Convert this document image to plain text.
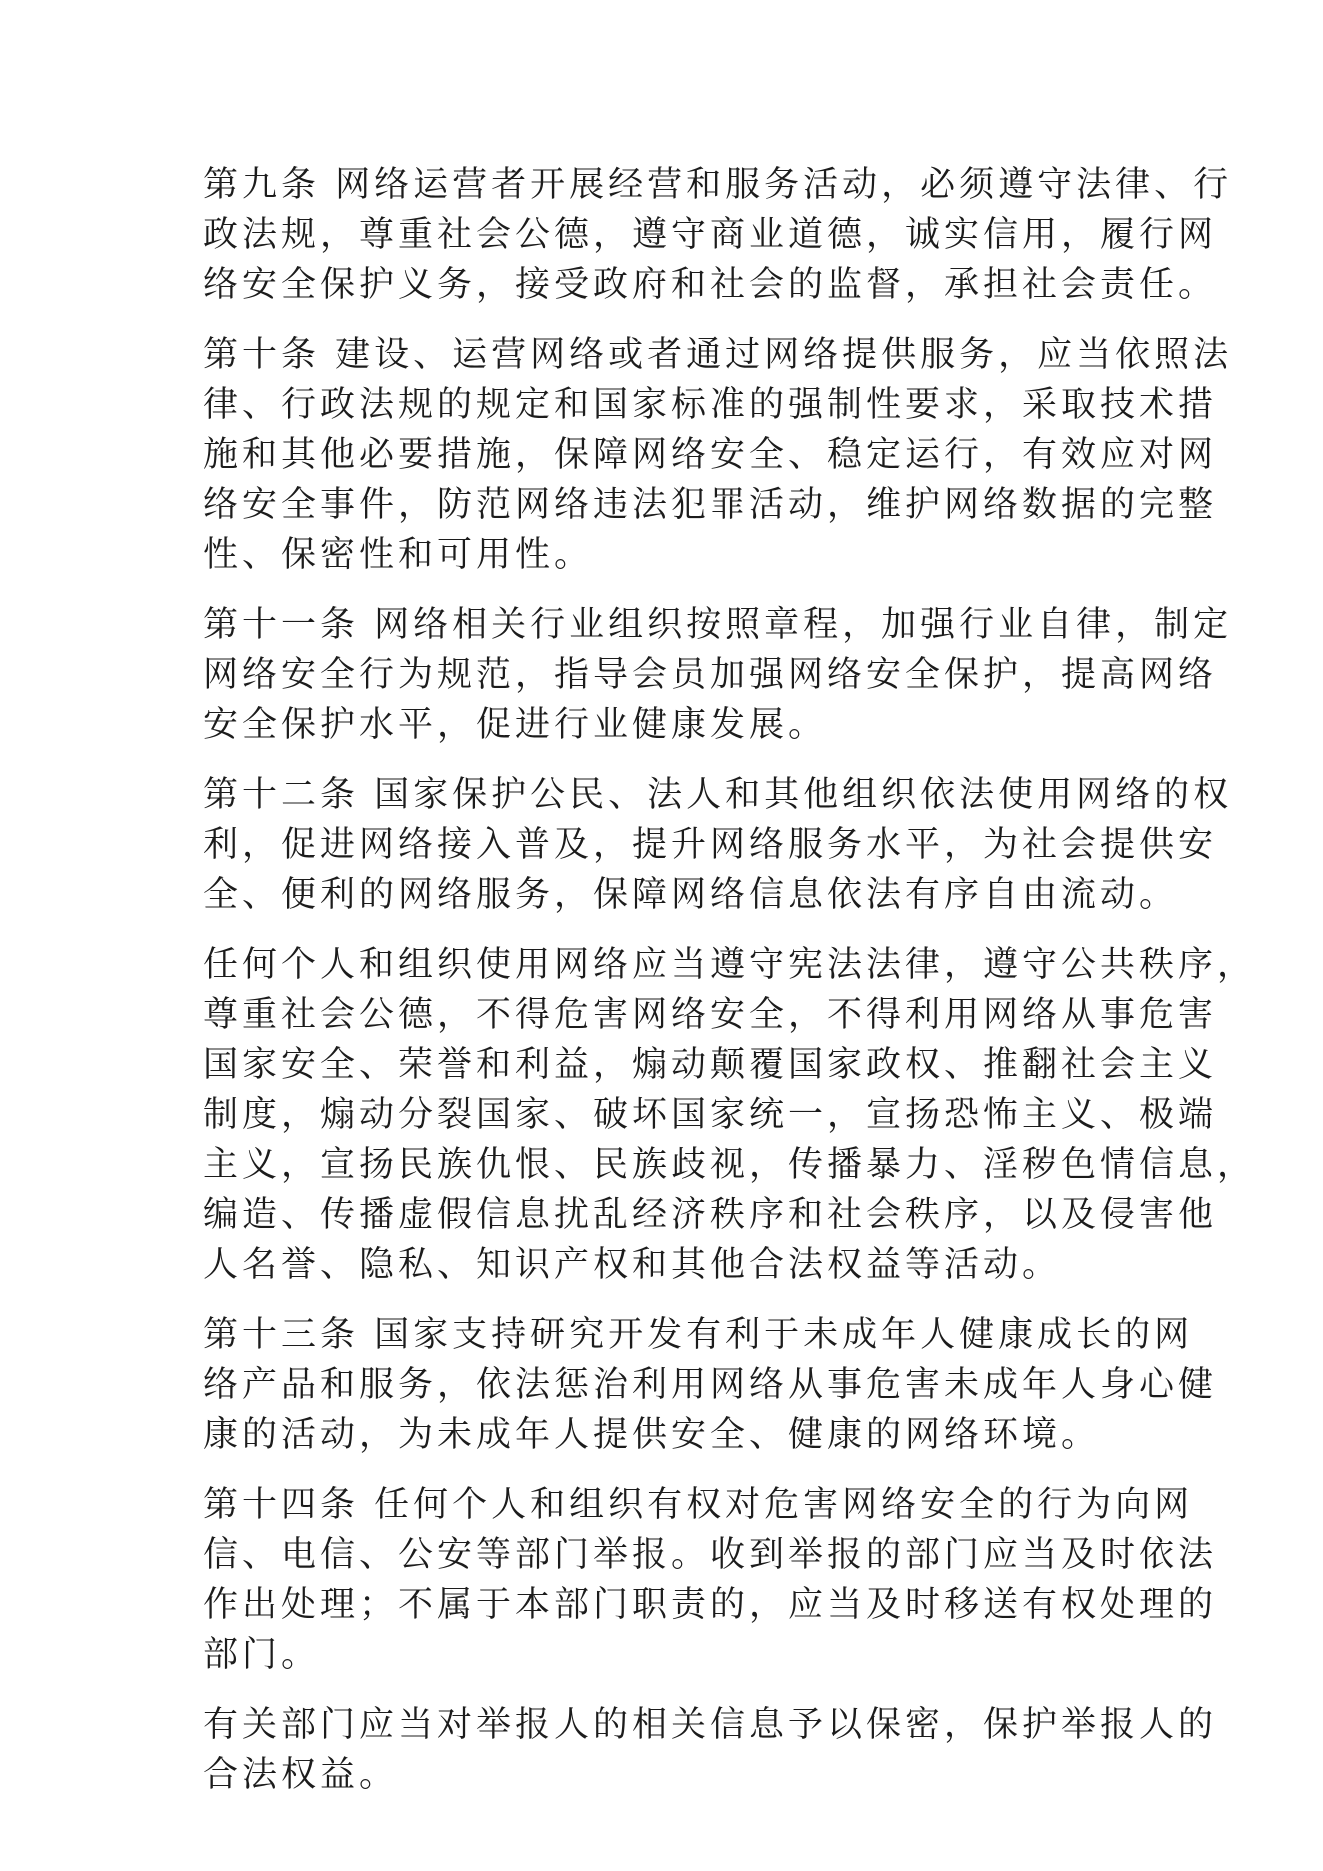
第九条 网络运营者开展经营和服务活动，必须遵守法律、行
政法规，尊重社会公德，遵守商业道德，诚实信用，履行网
络安全保护义务，接受政府和社会的监督，承担社会责任。

第十条 建设、运营网络或者通过网络提供服务，应当依照法
律、行政法规的规定和国家标准的强制性要求，采取技术措
施和其他必要措施，保障网络安全、稳定运行，有效应对网
络安全事件，防范网络违法犯罪活动，维护网络数据的完整
性、保密性和可用性。

第十一条 网络相关行业组织按照章程，加强行业自律，制定
网络安全行为规范，指导会员加强网络安全保护，提高网络
安全保护水平，促进行业健康发展。

第十二条 国家保护公民、法人和其他组织依法使用网络的权
利，促进网络接入普及，提升网络服务水平，为社会提供安
全、便利的网络服务，保障网络信息依法有序自由流动。

任何个人和组织使用网络应当遵守宪法法律，遵守公共秩序，
尊重社会公德，不得危害网络安全，不得利用网络从事危害
国家安全、荣誉和利益，煽动颠覆国家政权、推翻社会主义
制度，煽动分裂国家、破坏国家统一，宣扬恐怖主义、极端
主义，宣扬民族仇恨、民族歧视，传播暴力、淫秽色情信息，
编造、传播虚假信息扰乱经济秩序和社会秩序，以及侵害他
人名誉、隐私、知识产权和其他合法权益等活动。

第十三条 国家支持研究开发有利于未成年人健康成长的网
络产品和服务，依法惩治利用网络从事危害未成年人身心健
康的活动，为未成年人提供安全、健康的网络环境。

第十四条 任何个人和组织有权对危害网络安全的行为向网
信、电信、公安等部门举报。收到举报的部门应当及时依法
作出处理；不属于本部门职责的，应当及时移送有权处理的
部门。

有关部门应当对举报人的相关信息予以保密，保护举报人的
合法权益。
